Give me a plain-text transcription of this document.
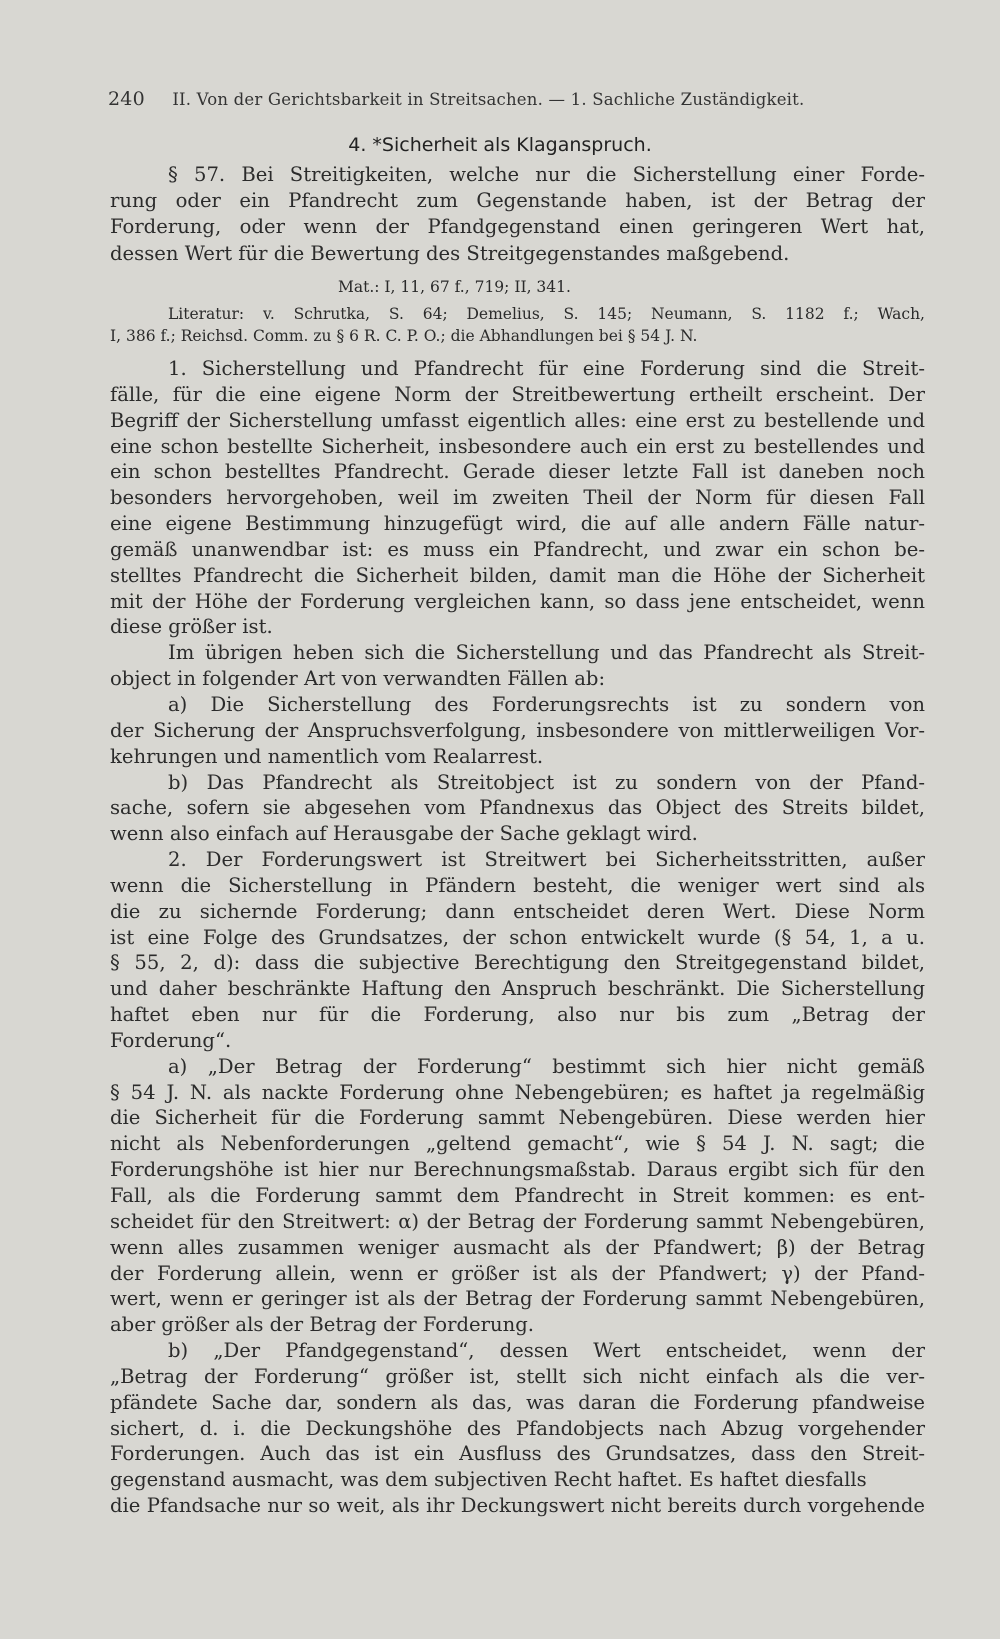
240 II. Von der Gerichtsbarkeit in Streitsachen. — 1. Sachliche Zuständigkeit.
4. *Sicherheit als Klaganspruch.
§ 57. Bei Streitigkeiten, welche nur die Sicherstellung einer Forde-
rung oder ein Pfandrecht zum Gegenstande haben, ist der Betrag der
Forderung, oder wenn der Pfandgegenstand einen geringeren Wert hat,
dessen Wert für die Bewertung des Streitgegenstandes maßgebend.
Mat.: I, 11, 67 f., 719; II, 341.
Literatur: v. Schrutka, S. 64; Demelius, S. 145; Neumann, S. 1182 f.; Wach,
I, 386 f.; Reichsd. Comm. zu § 6 R. C. P. O.; die Abhandlungen bei § 54 J. N.
1. Sicherstellung und Pfandrecht für eine Forderung sind die Streit-
fälle, für die eine eigene Norm der Streitbewertung ertheilt erscheint. Der
Begriff der Sicherstellung umfasst eigentlich alles: eine erst zu bestellende und
eine schon bestellte Sicherheit, insbesondere auch ein erst zu bestellendes und
ein schon bestelltes Pfandrecht. Gerade dieser letzte Fall ist daneben noch
besonders hervorgehoben, weil im zweiten Theil der Norm für diesen Fall
eine eigene Bestimmung hinzugefügt wird, die auf alle andern Fälle natur-
gemäß unanwendbar ist: es muss ein Pfandrecht, und zwar ein schon be-
stelltes Pfandrecht die Sicherheit bilden, damit man die Höhe der Sicherheit
mit der Höhe der Forderung vergleichen kann, so dass jene entscheidet, wenn
diese größer ist.
Im übrigen heben sich die Sicherstellung und das Pfandrecht als Streit-
object in folgender Art von verwandten Fällen ab:
a) Die Sicherstellung des Forderungsrechts ist zu sondern von
der Sicherung der Anspruchsverfolgung, insbesondere von mittlerweiligen Vor-
kehrungen und namentlich vom Realarrest.
b) Das Pfandrecht als Streitobject ist zu sondern von der Pfand-
sache, sofern sie abgesehen vom Pfandnexus das Object des Streits bildet,
wenn also einfach auf Herausgabe der Sache geklagt wird.
2. Der Forderungswert ist Streitwert bei Sicherheitsstritten, außer
wenn die Sicherstellung in Pfändern besteht, die weniger wert sind als
die zu sichernde Forderung; dann entscheidet deren Wert. Diese Norm
ist eine Folge des Grundsatzes, der schon entwickelt wurde (§ 54, 1, a u.
§ 55, 2, d): dass die subjective Berechtigung den Streitgegenstand bildet,
und daher beschränkte Haftung den Anspruch beschränkt. Die Sicherstellung
haftet eben nur für die Forderung, also nur bis zum „Betrag der
Forderung“.
a) „Der Betrag der Forderung“ bestimmt sich hier nicht gemäß
§ 54 J. N. als nackte Forderung ohne Nebengebüren; es haftet ja regelmäßig
die Sicherheit für die Forderung sammt Nebengebüren. Diese werden hier
nicht als Nebenforderungen „geltend gemacht“, wie § 54 J. N. sagt; die
Forderungshöhe ist hier nur Berechnungsmaßstab. Daraus ergibt sich für den
Fall, als die Forderung sammt dem Pfandrecht in Streit kommen: es ent-
scheidet für den Streitwert: α) der Betrag der Forderung sammt Nebengebüren,
wenn alles zusammen weniger ausmacht als der Pfandwert; β) der Betrag
der Forderung allein, wenn er größer ist als der Pfandwert; γ) der Pfand-
wert, wenn er geringer ist als der Betrag der Forderung sammt Nebengebüren,
aber größer als der Betrag der Forderung.
b) „Der Pfandgegenstand“, dessen Wert entscheidet, wenn der
„Betrag der Forderung“ größer ist, stellt sich nicht einfach als die ver-
pfändete Sache dar, sondern als das, was daran die Forderung pfandweise
sichert, d. i. die Deckungshöhe des Pfandobjects nach Abzug vorgehender
Forderungen. Auch das ist ein Ausfluss des Grundsatzes, dass den Streit-
gegenstand ausmacht, was dem subjectiven Recht haftet. Es haftet diesfalls
die Pfandsache nur so weit, als ihr Deckungswert nicht bereits durch vorgehende
